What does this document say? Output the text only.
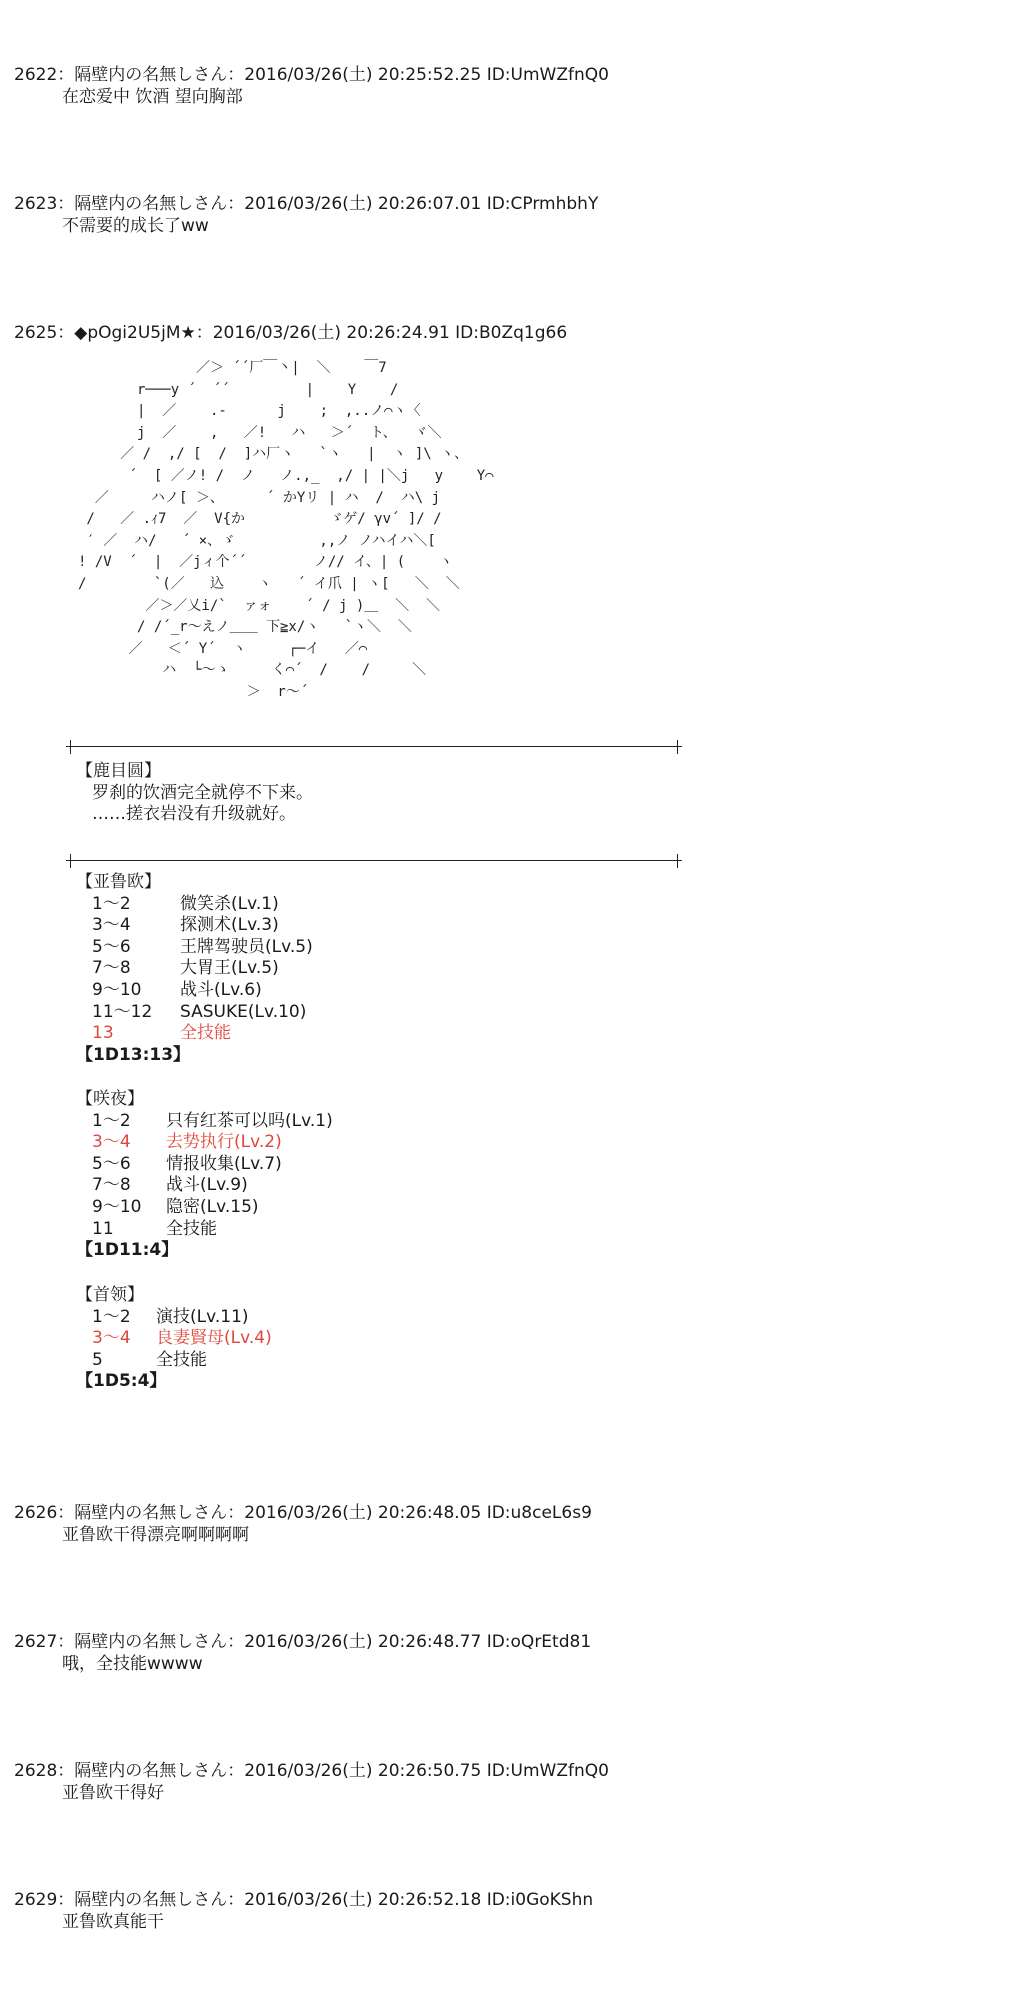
2622：隔壁内の名無しさん：2016/03/26(土) 20:25:52.25 ID:UmWZfnQ0
在恋爱中 饮酒 望向胸部
2623：隔壁内の名無しさん：2016/03/26(土) 20:26:07.01 ID:CPrmhbhY
不需要的成长了ww
2625：◆pOgi2U5jM★：2016/03/26(土) 20:26:24.91 ID:B0Zq1g66
／＞ ´´厂￣丶|  ＼    ￣7
r───y ´  ´´         |    Y    /
|  ／    .-      j    ;  ,..ノ⌒ヽ〈
j  ／    ,   ／!   ハ   ＞´  ト、  ヾ＼
／ /  ,/ [  /  ]ハ厂ヽ   `ヽ   |  ヽ ]\ ヽ、
´  [ ／ノ! /  ノ   ノ.,_  ,/ | |＼j   y    Y⌒
／     ハノ[ ＞、     ´ かYリ | ハ  /  ハ\ j
/   ／ .ｨ7  ／  V{か          ゞゲ/ γv´ ]/ /
′ ／  ハ/   ´ ×、ゞ          ,,ノ ノハイハ＼[
! /V  ´  |  ／jィ个´´        ノ// イ、| (    ヽ
/        `(／   込    ヽ   ´ イ爪 | ヽ[   ＼  ＼
／＞／乂i/`  ァォ    ´ / j )＿  ＼  ＼
/ /´_r～えノ＿＿ 下≧x/ヽ   `ヽ＼  ＼
／   ＜´ Y´  ヽ     ┌─イ   ／⌒
ハ  └～ゝ     く⌒´  /    /     ＼
＞  r～´
【鹿目圆】
罗刹的饮酒完全就停不下来。
……搓衣岩没有升级就好。
【亚鲁欧】
1～2	微笑杀(Lv.1)
3～4	探测术(Lv.3)
5～6	王牌驾驶员(Lv.5)
7～8	大胃王(Lv.5)
9～10 战斗(Lv.6)
11～12 SASUKE(Lv.10)
13	全技能
【1D13:13】
【咲夜】
1～2 只有红茶可以吗(Lv.1)
3～4 去势执行(Lv.2)
5～6 情报收集(Lv.7)
7～8 战斗(Lv.9)
9～10 隐密(Lv.15)
11	全技能
【1D11:4】
【首领】
1～2 演技(Lv.11)
3～4 良妻賢母(Lv.4)
5	全技能
【1D5:4】
2626：隔壁内の名無しさん：2016/03/26(土) 20:26:48.05 ID:u8ceL6s9
亚鲁欧干得漂亮啊啊啊啊
2627：隔壁内の名無しさん：2016/03/26(土) 20:26:48.77 ID:oQrEtd81
哦，全技能wwww
2628：隔壁内の名無しさん：2016/03/26(土) 20:26:50.75 ID:UmWZfnQ0
亚鲁欧干得好
2629：隔壁内の名無しさん：2016/03/26(土) 20:26:52.18 ID:i0GoKShn
亚鲁欧真能干
